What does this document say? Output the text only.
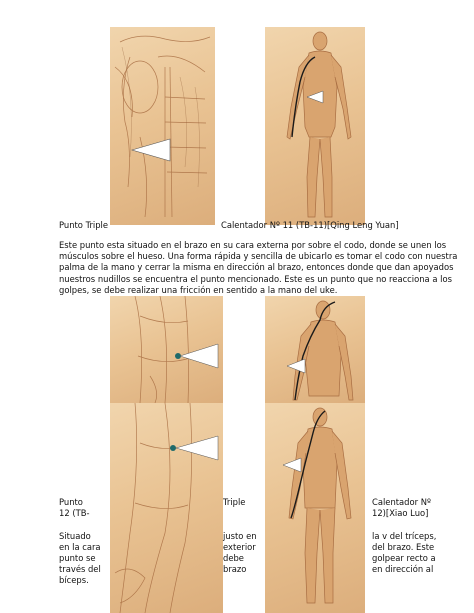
Punto Triple	Calentador Nº 11 (TB-11)[Qing Leng Yuan]
Este punto esta situado en el brazo en su cara externa por sobre el codo, donde se unen los
músculos sobre el hueso. Una forma rápida y sencilla de ubicarlo es tomar el codo con nuestra
palma de la mano y cerrar la misma en dirección al brazo, entonces donde que dan apoyados
nuestros nudillos se encuentra el punto mencionado. Este es un punto que no reacciona a los
golpes, se debe realizar una fricción en sentido a la mano del uke.
Punto
12 (TB-

Situado
en la cara
punto se
través del
bíceps.
Triple

justo en
exterior
debe
brazo
Calentador Nº
12)[Xiao Luo]

la v del tríceps,
del brazo. Este
golpear recto a
en dirección al
